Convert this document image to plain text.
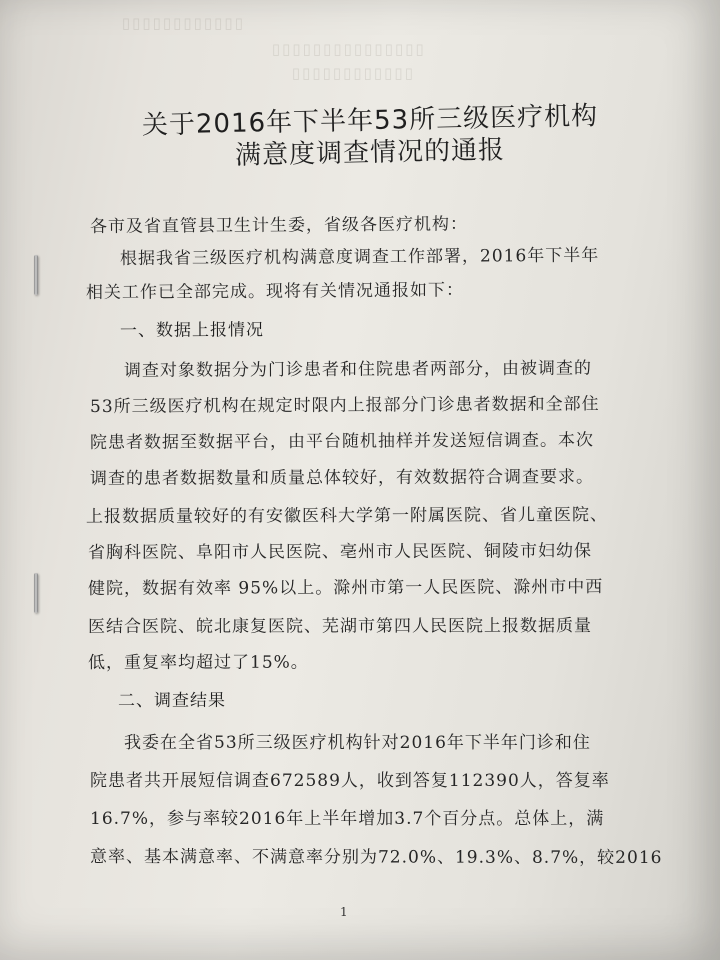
▯▯▯▯▯▯▯▯▯▯▯▯
▯▯▯▯▯▯▯▯▯▯▯▯▯▯▯
▯▯▯▯▯▯▯▯▯▯▯▯
关于2016年下半年53所三级医疗机构
满意度调查情况的通报
各市及省直管县卫生计生委，省级各医疗机构：
根据我省三级医疗机构满意度调查工作部署，2016年下半年
相关工作已全部完成。现将有关情况通报如下：
一、数据上报情况
调查对象数据分为门诊患者和住院患者两部分，由被调查的
53所三级医疗机构在规定时限内上报部分门诊患者数据和全部住
院患者数据至数据平台，由平台随机抽样并发送短信调查。本次
调查的患者数据数量和质量总体较好，有效数据符合调查要求。
上报数据质量较好的有安徽医科大学第一附属医院、省儿童医院、
省胸科医院、阜阳市人民医院、亳州市人民医院、铜陵市妇幼保
健院，数据有效率 95%以上。滁州市第一人民医院、滁州市中西
医结合医院、皖北康复医院、芜湖市第四人民医院上报数据质量
低，重复率均超过了15%。
二、调查结果
我委在全省53所三级医疗机构针对2016年下半年门诊和住
院患者共开展短信调查672589人，收到答复112390人，答复率
16.7%，参与率较2016年上半年增加3.7个百分点。总体上，满
意率、基本满意率、不满意率分别为72.0%、19.3%、8.7%，较2016
1
